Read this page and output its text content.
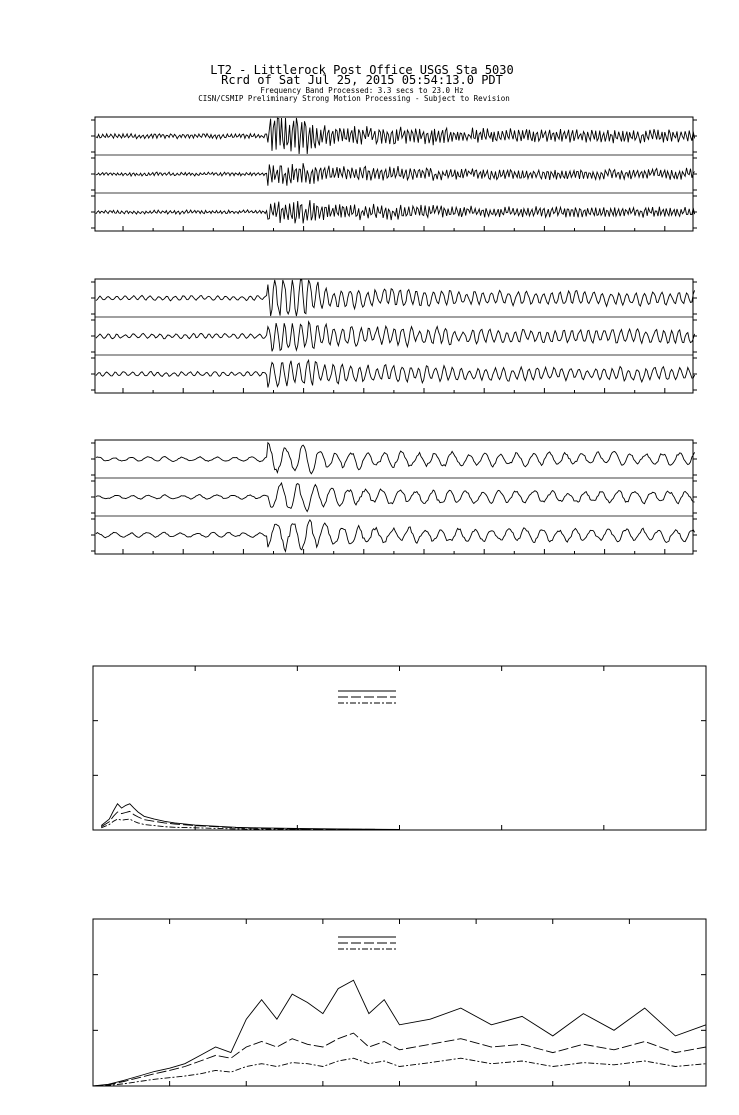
LT2 - Littlerock Post Office USGS Sta 5030
Rcrd of Sat Jul 25, 2015 05:54:13.0 PDT
Frequency Band Processed: 3.3 secs to 23.0 Hz
CISN/CSMIP Preliminary Strong Motion Processing - Subject to Revision
